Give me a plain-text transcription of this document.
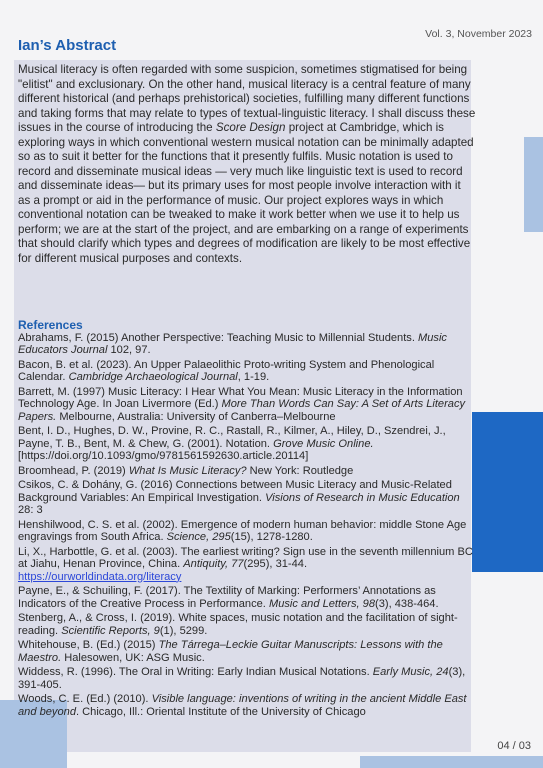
Vol. 3, November 2023
Ian’s Abstract

Musical literacy is often regarded with some suspicion, sometimes stigmatised for being "elitist" and exclusionary. On the other hand, musical literacy is a central feature of many different historical (and perhaps prehistorical) societies, fulfilling many different functions and taking forms that may relate to types of textual-linguistic literacy. I shall discuss these issues in the course of introducing the Score Design project at Cambridge, which is exploring ways in which conventional western musical notation can be minimally adapted so as to suit it better for the functions that it presently fulfils. Music notation is used to record and disseminate musical ideas — very much like linguistic text is used to record and disseminate ideas— but its primary uses for most people involve interaction with it as a prompt or aid in the performance of music. Our project explores ways in which conventional notation can be tweaked to make it work better when we use it to help us perform; we are at the start of the project, and are embarking on a range of experiments that should clarify which types and degrees of modification are likely to be most effective for different musical purposes and contexts.

References

Abrahams, F. (2015) Another Perspective: Teaching Music to Millennial Students. Music Educators Journal 102, 97.

Bacon, B. et al. (2023). An Upper Palaeolithic Proto-writing System and Phenological Calendar. Cambridge Archaeological Journal, 1-19.

Barrett, M. (1997) Music Literacy: I Hear What You Mean: Music Literacy in the Information Technology Age. In Joan Livermore (Ed.) More Than Words Can Say: A Set of Arts Literacy Papers. Melbourne, Australia: University of Canberra–Melbourne

Bent, I. D., Hughes, D. W., Provine, R. C., Rastall, R., Kilmer, A., Hiley, D., Szendrei, J., Payne, T. B., Bent, M. & Chew, G. (2001). Notation. Grove Music Online. [https://doi.org/10.1093/gmo/9781561592630.article.20114]

Broomhead, P. (2019) What Is Music Literacy? New York: Routledge

Csikos, C. & Dohány, G. (2016) Connections between Music Literacy and Music-Related Background Variables: An Empirical Investigation. Visions of Research in Music Education 28: 3

Henshilwood, C. S. et al. (2002). Emergence of modern human behavior: middle Stone Age engravings from South Africa. Science, 295(15), 1278-1280.

Li, X., Harbottle, G. et al. (2003). The earliest writing? Sign use in the seventh millennium BC at Jiahu, Henan Province, China. Antiquity, 77(295), 31-44.
https://ourworldindata.org/literacy

Payne, E., & Schuiling, F. (2017). The Textility of Marking: Performers’ Annotations as Indicators of the Creative Process in Performance. Music and Letters, 98(3), 438-464.

Stenberg, A., & Cross, I. (2019). White spaces, music notation and the facilitation of sight-reading. Scientific Reports, 9(1), 5299.

Whitehouse, B. (Ed.) (2015) The Tárrega–Leckie Guitar Manuscripts: Lessons with the Maestro. Halesowen, UK: ASG Music.

Widdess, R. (1996). The Oral in Writing: Early Indian Musical Notations. Early Music, 24(3), 391-405.

Woods, C. E. (Ed.) (2010). Visible language: inventions of writing in the ancient Middle East and beyond. Chicago, Ill.: Oriental Institute of the University of Chicago

04 / 03
